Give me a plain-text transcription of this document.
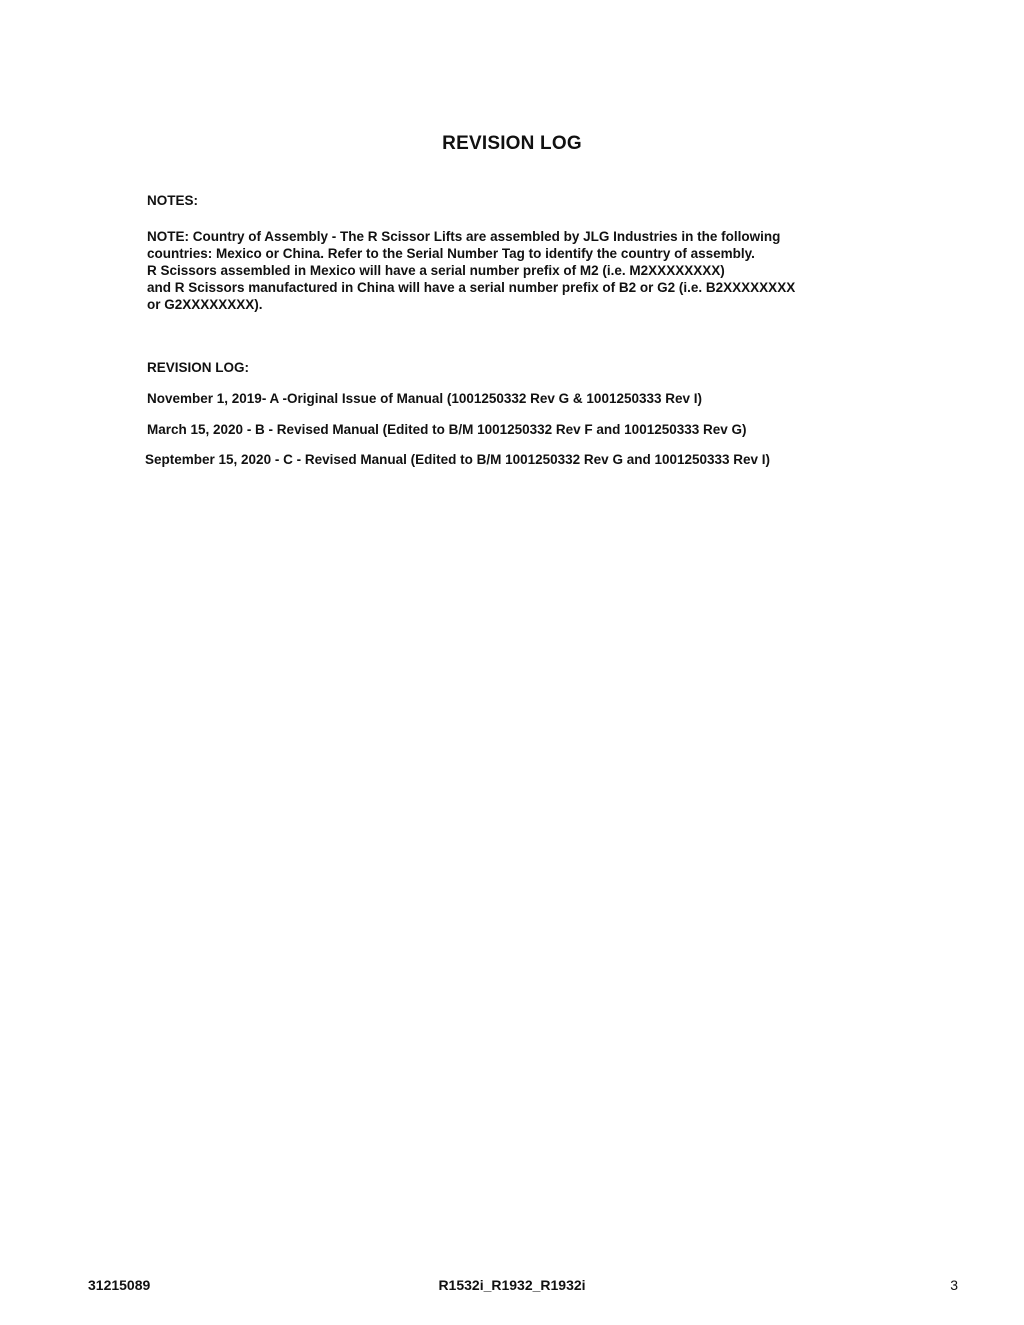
REVISION LOG
NOTES:

NOTE: Country of Assembly - The R Scissor Lifts are assembled by JLG Industries in the following
countries: Mexico or China. Refer to the Serial Number Tag to identify the country of assembly.
R Scissors assembled in Mexico will have a serial number prefix of M2 (i.e. M2XXXXXXXX)
and R Scissors manufactured in China will have a serial number prefix of B2 or G2 (i.e. B2XXXXXXXX
or G2XXXXXXXX).

REVISION LOG:

November 1, 2019- A -Original Issue of Manual (1001250332 Rev G & 1001250333 Rev I)

March 15, 2020 - B - Revised Manual (Edited to B/M 1001250332 Rev F and 1001250333 Rev G)

September 15, 2020 - C - Revised Manual (Edited to B/M 1001250332 Rev G and 1001250333 Rev I)

31215089	R1532i_R1932_R1932i	3
